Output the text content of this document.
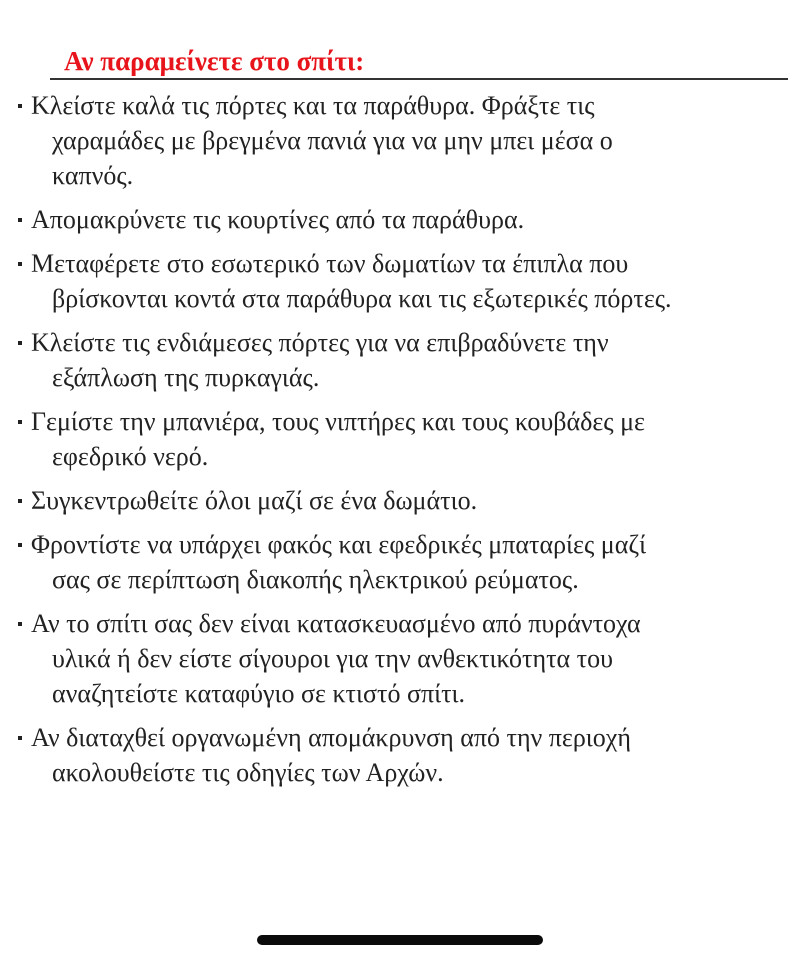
Αν παραμείνετε στο σπίτι:
Κλείστε καλά τις πόρτες και τα παράθυρα. Φράξτε τις
χαραμάδες με βρεγμένα πανιά για να μην μπει μέσα ο
καπνός.
Απομακρύνετε τις κουρτίνες από τα παράθυρα.
Μεταφέρετε στο εσωτερικό των δωματίων τα έπιπλα που
βρίσκονται κοντά στα παράθυρα και τις εξωτερικές πόρτες.
Κλείστε τις ενδιάμεσες πόρτες για να επιβραδύνετε την
εξάπλωση της πυρκαγιάς.
Γεμίστε την μπανιέρα, τους νιπτήρες και τους κουβάδες με
εφεδρικό νερό.
Συγκεντρωθείτε όλοι μαζί σε ένα δωμάτιο.
Φροντίστε να υπάρχει φακός και εφεδρικές μπαταρίες μαζί
σας σε περίπτωση διακοπής ηλεκτρικού ρεύματος.
Αν το σπίτι σας δεν είναι κατασκευασμένο από πυράντοχα
υλικά ή δεν είστε σίγουροι για την ανθεκτικότητα του
αναζητείστε καταφύγιο σε κτιστό σπίτι.
Αν διαταχθεί οργανωμένη απομάκρυνση από την περιοχή
ακολουθείστε τις οδηγίες των Αρχών.
